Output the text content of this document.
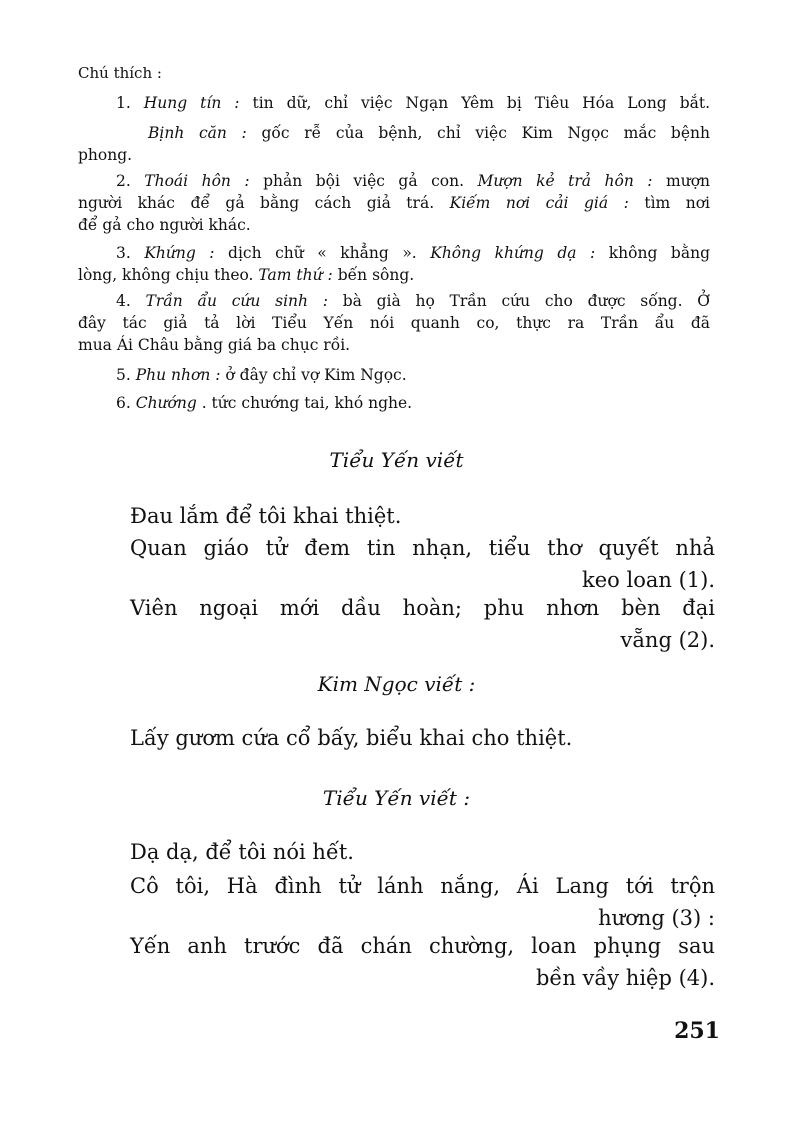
Chú thích :
1. Hung tín : tin dữ, chỉ việc Ngạn Yêm bị Tiêu Hóa Long bắt.
Bịnh căn : gốc rễ của bệnh, chỉ việc Kim Ngọc mắc bệnh
phong.
2. Thoái hôn : phản bội việc gả con. Mượn kẻ trả hôn : mượn
người khác để gả bằng cách giả trá. Kiếm nơi cải giá : tìm nơi
để gả cho người khác.
3. Khứng : dịch chữ « khẳng ». Không khứng dạ : không bằng
lòng, không chịu theo. Tam thứ : bến sông.
4. Trần ẩu cứu sinh : bà già họ Trần cứu cho được sống. Ở
đây tác giả tả lời Tiểu Yến nói quanh co, thực ra Trần ẩu đã
mua Ái Châu bằng giá ba chục rồi.
5. Phu nhơn : ở đây chỉ vợ Kim Ngọc.
6. Chướng . tức chướng tai, khó nghe.
Tiểu Yến viết
Đau lắm để tôi khai thiệt.
Quan giáo tử đem tin nhạn, tiểu thơ quyết nhả
keo loan (1).
Viên ngoại mới dầu hoàn; phu nhơn bèn đại
vẵng (2).
Kim Ngọc viết :
Lấy gươm cứa cổ bấy, biểu khai cho thiệt.
Tiểu Yến viết :
Dạ dạ, để tôi nói hết.
Cô tôi, Hà đình tử lánh nắng, Ái Lang tới trộn
hương (3) :
Yến anh trước đã chán chường, loan phụng sau
bền vầy hiệp (4).
251
